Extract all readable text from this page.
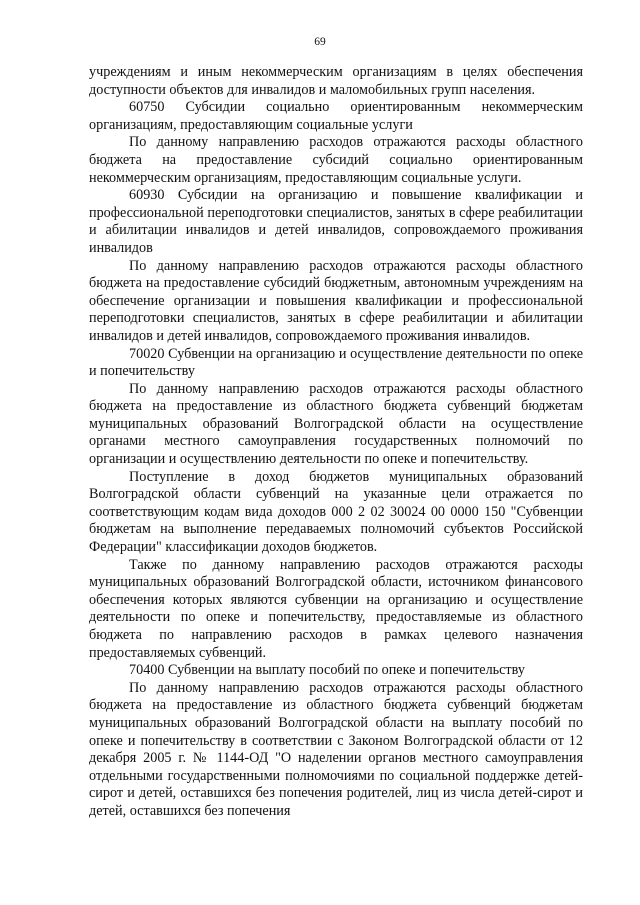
69

учреждениям и иным некоммерческим организациям в целях обеспечения доступности объектов для инвалидов и маломобильных групп населения.

60750 Субсидии социально ориентированным некоммерческим организациям, предоставляющим социальные услуги

По данному направлению расходов отражаются расходы областного бюджета на предоставление субсидий социально ориентированным некоммерческим организациям, предоставляющим социальные услуги.

60930 Субсидии на организацию и повышение квалификации и профессиональной переподготовки специалистов, занятых в сфере реабилитации и абилитации инвалидов и детей инвалидов, сопровождаемого проживания инвалидов

По данному направлению расходов отражаются расходы областного бюджета на предоставление субсидий бюджетным, автономным учреждениям на обеспечение организации и повышения квалификации и профессиональной переподготовки специалистов, занятых в сфере реабилитации и абилитации инвалидов и детей инвалидов, сопровождаемого проживания инвалидов.

70020 Субвенции на организацию и осуществление деятельности по опеке и попечительству

По данному направлению расходов отражаются расходы областного бюджета на предоставление из областного бюджета субвенций бюджетам муниципальных образований Волгоградской области на осуществление органами местного самоуправления государственных полномочий по организации и осуществлению деятельности по опеке и попечительству.

Поступление в доход бюджетов муниципальных образований Волгоградской области субвенций на указанные цели отражается по соответствующим кодам вида доходов 000 2 02 30024 00 0000 150 "Субвенции бюджетам на выполнение передаваемых полномочий субъектов Российской Федерации" классификации доходов бюджетов.

Также по данному направлению расходов отражаются расходы муниципальных образований Волгоградской области, источником финансового обеспечения которых являются субвенции на организацию и осуществление деятельности по опеке и попечительству, предоставляемые из областного бюджета по направлению расходов в рамках целевого назначения предоставляемых субвенций.

70400 Субвенции на выплату пособий по опеке и попечительству

По данному направлению расходов отражаются расходы областного бюджета на предоставление из областного бюджета субвенций бюджетам муниципальных образований Волгоградской области на выплату пособий по опеке и попечительству в соответствии с Законом Волгоградской области от 12 декабря 2005 г. № 1144-ОД "О наделении органов местного самоуправления отдельными государственными полномочиями по социальной поддержке детей-сирот и детей, оставшихся без попечения родителей, лиц из числа детей-сирот и детей, оставшихся без попечения
